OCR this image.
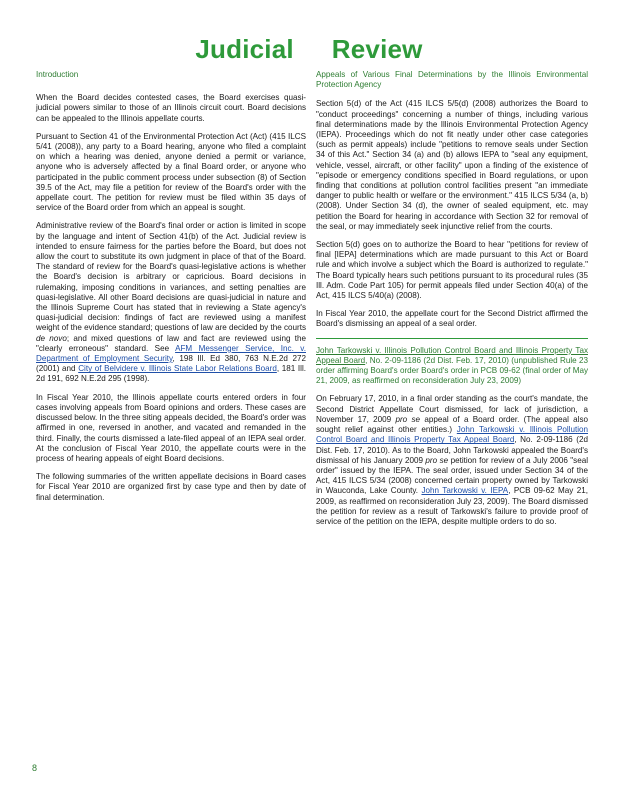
Judicial Review

Introduction

When the Board decides contested cases, the Board exercises quasi-judicial powers similar to those of an Illinois circuit court. Board decisions can be appealed to the Illinois appellate courts.

Pursuant to Section 41 of the Environmental Protection Act (Act) (415 ILCS 5/41 (2008)), any party to a Board hearing, anyone who filed a complaint on which a hearing was denied, anyone denied a permit or variance, anyone who is adversely affected by a final Board order, or anyone who participated in the public comment process under subsection (8) of Section 39.5 of the Act, may file a petition for review of the Board's order with the appellate court. The petition for review must be filed within 35 days of service of the Board order from which an appeal is sought.

Administrative review of the Board's final order or action is limited in scope by the language and intent of Section 41(b) of the Act. Judicial review is intended to ensure fairness for the parties before the Board, but does not allow the court to substitute its own judgment in place of that of the Board. The standard of review for the Board's quasi-legislative actions is whether the Board's decision is arbitrary or capricious. Board decisions in rulemaking, imposing conditions in variances, and setting penalties are quasi-legislative. All other Board decisions are quasi-judicial in nature and the Illinois Supreme Court has stated that in reviewing a State agency's quasi-judicial decision: findings of fact are reviewed using a manifest weight of the evidence standard; questions of law are decided by the courts de novo; and mixed questions of law and fact are reviewed using the "clearly erroneous" standard. See AFM Messenger Service, Inc. v. Department of Employment Security, 198 Ill. Ed 380, 763 N.E.2d 272 (2001) and City of Belvidere v. Illinois State Labor Relations Board, 181 Ill. 2d 191, 692 N.E.2d 295 (1998).

In Fiscal Year 2010, the Illinois appellate courts entered orders in four cases involving appeals from Board opinions and orders. These cases are discussed below. In the three siting appeals decided, the Board's order was affirmed in one, reversed in another, and vacated and remanded in the third. Finally, the courts dismissed a late-filed appeal of an IEPA seal order. At the conclusion of Fiscal Year 2010, the appellate courts were in the process of hearing appeals of eight Board decisions.

The following summaries of the written appellate decisions in Board cases for Fiscal Year 2010 are organized first by case type and then by date of final determination.

Appeals of Various Final Determinations by the Illinois Environmental Protection Agency

Section 5(d) of the Act (415 ILCS 5/5(d) (2008) authorizes the Board to "conduct proceedings" concerning a number of things, including various final determinations made by the Illinois Environmental Protection Agency (IEPA). Proceedings which do not fit neatly under other case categories (such as permit appeals) include "petitions to remove seals under Section 34 of this Act." Section 34 (a) and (b) allows IEPA to "seal any equipment, vehicle, vessel, aircraft, or other facility" upon a finding of the existence of "episode or emergency conditions specified in Board regulations, or upon finding that conditions at pollution control facilities present "an immediate danger to public health or welfare or the environment." 415 ILCS 5/34 (a, b) (2008). Under Section 34 (d), the owner of sealed equipment, etc. may petition the Board for hearing in accordance with Section 32 for removal of the seal, or may immediately seek injunctive relief from the courts.

Section 5(d) goes on to authorize the Board to hear "petitions for review of final [IEPA] determinations which are made pursuant to this Act or Board rule and which involve a subject which the Board is authorized to regulate." The Board typically hears such petitions pursuant to its procedural rules (35 Ill. Adm. Code Part 105) for permit appeals filed under Section 40(a) of the Act, 415 ILCS 5/40(a) (2008).

In Fiscal Year 2010, the appellate court for the Second District affirmed the Board's dismissing an appeal of a seal order.

John Tarkowski v. Illinois Pollution Control Board and Illinois Property Tax Appeal Board, No. 2-09-1186 (2d Dist. Feb. 17, 2010) (unpublished Rule 23 order affirming Board's order Board's order in PCB 09-62 (final order of May 21, 2009, as reaffirmed on reconsideration July 23, 2009)

On February 17, 2010, in a final order standing as the court's mandate, the Second District Appellate Court dismissed, for lack of jurisdiction, a November 17, 2009 pro se appeal of a Board order. (The appeal also sought relief against other entities.) John Tarkowski v. Illinois Pollution Control Board and Illinois Property Tax Appeal Board, No. 2-09-1186 (2d Dist. Feb. 17, 2010). As to the Board, John Tarkowski appealed the Board's dismissal of his January 2009 pro se petition for review of a July 2006 "seal order" issued by the IEPA. The seal order, issued under Section 34 of the Act, 415 ILCS 5/34 (2008) concerned certain property owned by Tarkowski in Wauconda, Lake County. John Tarkowski v. IEPA, PCB 09-62 May 21, 2009, as reaffirmed on reconsideration July 23, 2009). The Board dismissed the petition for review as a result of Tarkowski's failure to provide proof of service of the petition on the IEPA, despite multiple orders to do so.

8
